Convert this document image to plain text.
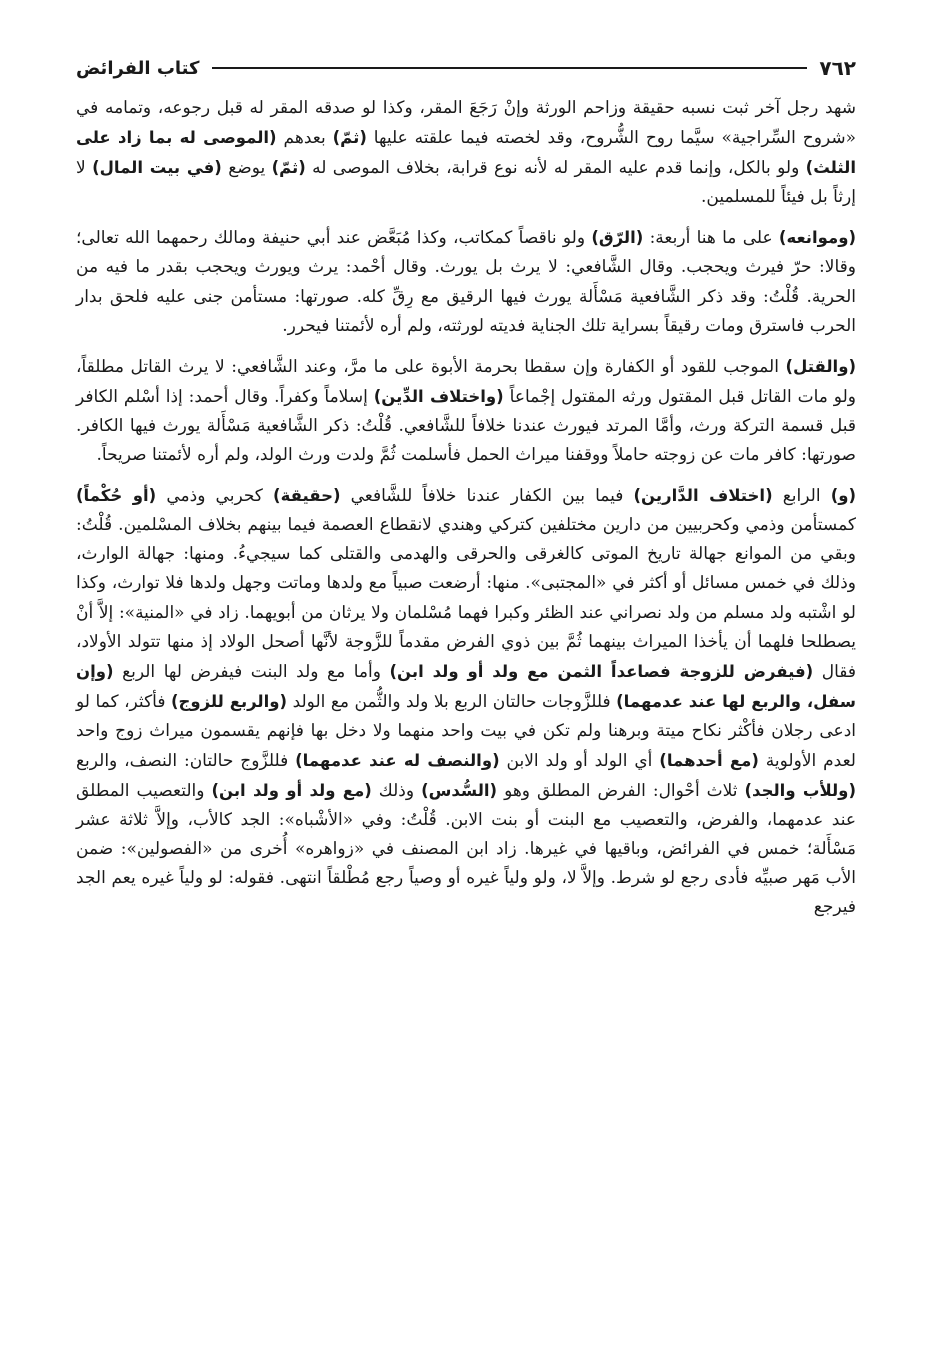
٧٦٢
كتاب الفرائض

شهد رجل آخر ثبت نسبه حقيقة وزاحم الورثة وإنْ رَجَعَ المقر، وكذا لو صدقه المقر له قبل رجوعه، وتمامه في «شروح السِّراجية» سيَّما روح الشُّروح، وقد لخصته فيما علقته عليها (ثمّ) بعدهم (الموصى له بما زاد على الثلث) ولو بالكل، وإنما قدم عليه المقر له لأنه نوع قرابة، بخلاف الموصى له (ثمّ) يوضع (في بيت المال) لا إرثاً بل فيئاً للمسلمين.

(وموانعه) على ما هنا أربعة: (الرّق) ولو ناقصاً كمكاتب، وكذا مُبَعَّض عند أبي حنيفة ومالك رحمهما الله تعالى؛ وقالا: حرّ فيرث ويحجب. وقال الشَّافعي: لا يرث بل يورث. وقال أحْمد: يرث ويورث ويحجب بقدر ما فيه من الحرية. قُلْتُ: وقد ذكر الشَّافعية مَسْأَلة يورث فيها الرقيق مع رِقِّ كله. صورتها: مستأمن جنى عليه فلحق بدار الحرب فاسترق ومات رقيقاً بسراية تلك الجناية فديته لورثته، ولم أره لأئمتنا فيحرر.

(والقتل) الموجب للقود أو الكفارة وإن سقطا بحرمة الأبوة على ما مرَّ، وعند الشَّافعي: لا يرث القاتل مطلقاً، ولو مات القاتل قبل المقتول ورثه المقتول إجْماعاً (واختلاف الدِّين) إسلاماً وكفراً. وقال أحمد: إذا أسْلم الكافر قبل قسمة التركة ورث، وأمَّا المرتد فيورث عندنا خلافاً للشَّافعي. قُلْتُ: ذكر الشَّافعية مَسْأَلة يورث فيها الكافر. صورتها: كافر مات عن زوجته حاملاً ووقفنا ميراث الحمل فأسلمت ثُمَّ ولدت ورث الولد، ولم أره لأئمتنا صريحاً.

(و) الرابع (اختلاف الدَّارين) فيما بين الكفار عندنا خلافاً للشَّافعي (حقيقة) كحربي وذمي (أو حُكْماً) كمستأمن وذمي وكحربيين من دارين مختلفين كتركي وهندي لانقطاع العصمة فيما بينهم بخلاف المسْلمين. قُلْتُ: وبقي من الموانع جهالة تاريخ الموتى كالغرقى والحرقى والهدمى والقتلى كما سيجيءُ. ومنها: جهالة الوارث، وذلك في خمس مسائل أو أكثر في «المجتبى». منها: أرضعت صبياً مع ولدها وماتت وجهل ولدها فلا توارث، وكذا لو اشْتبه ولد مسلم من ولد نصراني عند الظئر وكبرا فهما مُسْلمان ولا يرثان من أبويهما. زاد في «المنية»: إلاَّ أنْ يصطلحا فلهما أن يأخذا الميراث بينهما ثُمَّ بين ذوي الفرض مقدماً للزَّوجة لأنَّها أصحل الولاد إذ منها تتولد الأولاد، فقال (فيفرض للزوجة فصاعداً الثمن مع ولد أو ولد ابن) وأما مع ولد البنت فيفرض لها الربع (وإن سفل، والربع لها عند عدمهما) فللزَّوجات حالتان الربع بلا ولد والثُّمن مع الولد (والربع للزوج) فأكثر، كما لو ادعى رجلان فأكْثر نكاح ميتة وبرهنا ولم تكن في بيت واحد منهما ولا دخل بها فإنهم يقسمون ميراث زوج واحد لعدم الأولوية (مع أحدهما) أي الولد أو ولد الابن (والنصف له عند عدمهما) فللزَّوج حالتان: النصف، والربع (وللأب والجد) ثلاث أحْوال: الفرض المطلق وهو (السُّدس) وذلك (مع ولد أو ولد ابن) والتعصيب المطلق عند عدمهما، والفرض، والتعصيب مع البنت أو بنت الابن. قُلْتُ: وفي «الأشْباه»: الجد كالأب، وإلاَّ ثلاثة عشر مَسْأَلة؛ خمس في الفرائض، وباقيها في غيرها. زاد ابن المصنف في «زواهره» أُخرى من «الفصولين»: ضمن الأب مَهر صبيِّه فأدى رجع لو شرط. وإلاَّ لا، ولو ولياً غيره أو وصياً رجع مُطْلقاً انتهى. فقوله: لو ولياً غيره يعم الجد فيرجع
